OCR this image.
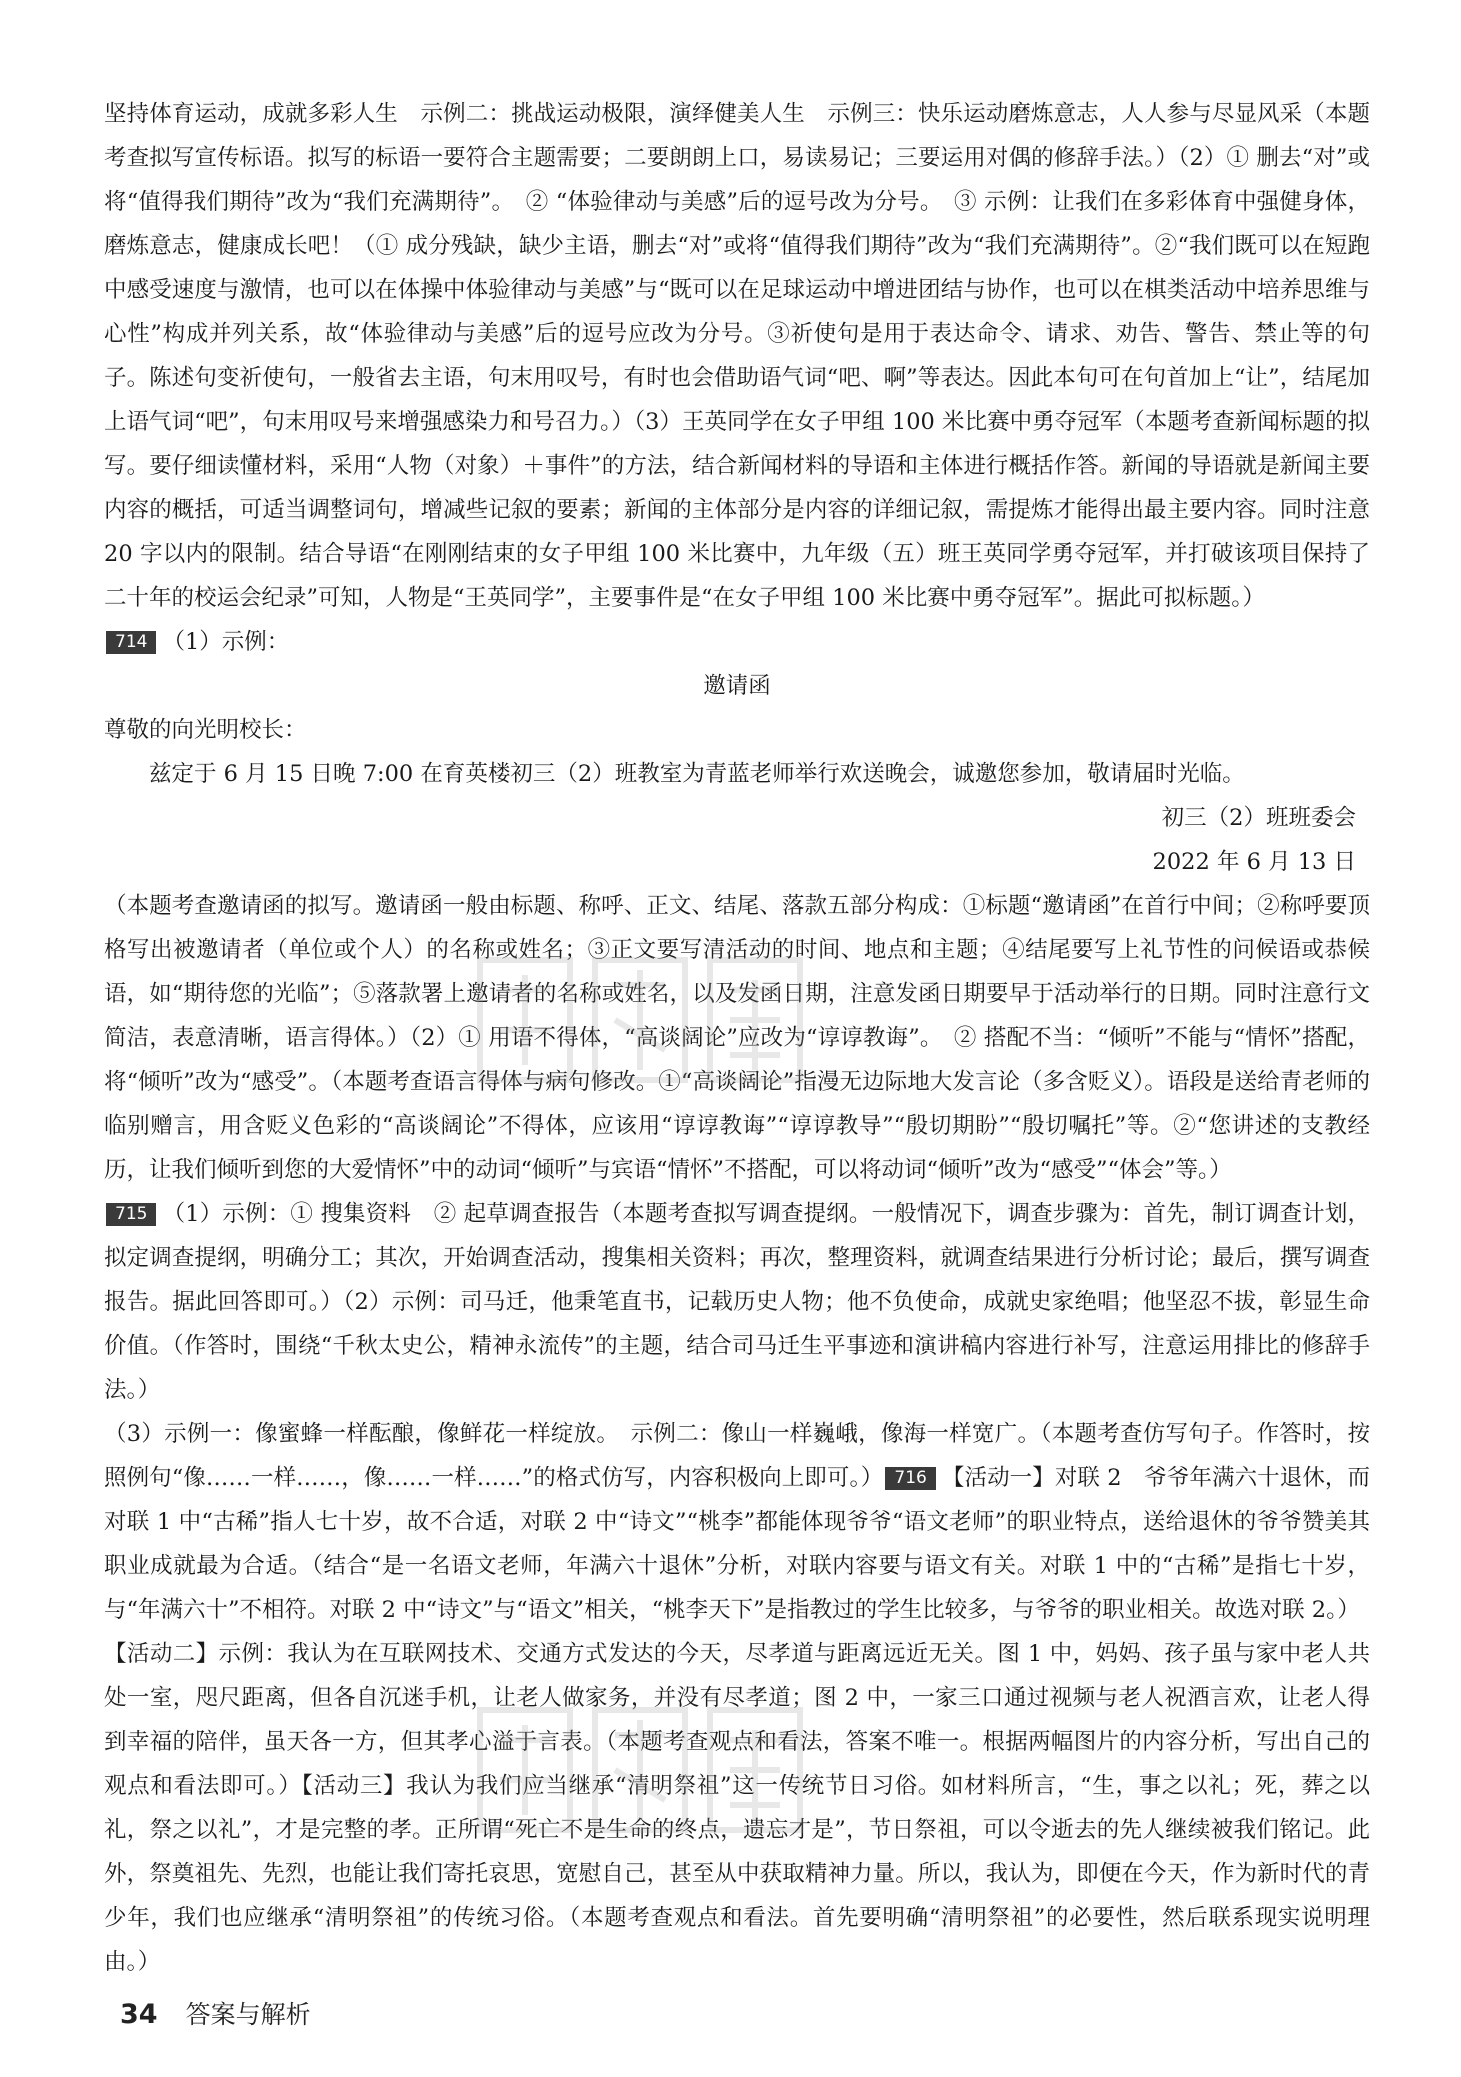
坚持体育运动，成就多彩人生　示例二：挑战运动极限，演绎健美人生　示例三：快乐运动磨炼意志，人人参与尽显风采（本题考查拟写宣传标语。拟写的标语一要符合主题需要；二要朗朗上口，易读易记；三要运用对偶的修辞手法。）（2）① 删去“对”或将“值得我们期待”改为“我们充满期待”。　② “体验律动与美感”后的逗号改为分号。　③ 示例：让我们在多彩体育中强健身体，磨炼意志，健康成长吧！（① 成分残缺，缺少主语，删去“对”或将“值得我们期待”改为“我们充满期待”。②“我们既可以在短跑中感受速度与激情，也可以在体操中体验律动与美感”与“既可以在足球运动中增进团结与协作，也可以在棋类活动中培养思维与心性”构成并列关系，故“体验律动与美感”后的逗号应改为分号。③祈使句是用于表达命令、请求、劝告、警告、禁止等的句子。陈述句变祈使句，一般省去主语，句末用叹号，有时也会借助语气词“吧、啊”等表达。因此本句可在句首加上“让”，结尾加上语气词“吧”，句末用叹号来增强感染力和号召力。）（3）王英同学在女子甲组 100 米比赛中勇夺冠军（本题考查新闻标题的拟写。要仔细读懂材料，采用“人物（对象）＋事件”的方法，结合新闻材料的导语和主体进行概括作答。新闻的导语就是新闻主要内容的概括，可适当调整词句，增减些记叙的要素；新闻的主体部分是内容的详细记叙，需提炼才能得出最主要内容。同时注意 20 字以内的限制。结合导语“在刚刚结束的女子甲组 100 米比赛中，九年级（五）班王英同学勇夺冠军，并打破该项目保持了二十年的校运会纪录”可知，人物是“王英同学”，主要事件是“在女子甲组 100 米比赛中勇夺冠军”。据此可拟标题。）

714 （1）示例：

邀请函

尊敬的向光明校长：

兹定于 6 月 15 日晚 7:00 在育英楼初三（2）班教室为青蓝老师举行欢送晚会，诚邀您参加，敬请届时光临。

初三（2）班班委会

2022 年 6 月 13 日

（本题考查邀请函的拟写。邀请函一般由标题、称呼、正文、结尾、落款五部分构成：①标题“邀请函”在首行中间；②称呼要顶格写出被邀请者（单位或个人）的名称或姓名；③正文要写清活动的时间、地点和主题；④结尾要写上礼节性的问候语或恭候语，如“期待您的光临”；⑤落款署上邀请者的名称或姓名，以及发函日期，注意发函日期要早于活动举行的日期。同时注意行文简洁，表意清晰，语言得体。）（2）① 用语不得体，“高谈阔论”应改为“谆谆教诲”。　② 搭配不当：“倾听”不能与“情怀”搭配，将“倾听”改为“感受”。（本题考查语言得体与病句修改。①“高谈阔论”指漫无边际地大发言论（多含贬义）。语段是送给青老师的临别赠言，用含贬义色彩的“高谈阔论”不得体，应该用“谆谆教诲”“谆谆教导”“殷切期盼”“殷切嘱托”等。②“您讲述的支教经历，让我们倾听到您的大爱情怀”中的动词“倾听”与宾语“情怀”不搭配，可以将动词“倾听”改为“感受”“体会”等。）

715 （1）示例：① 搜集资料　② 起草调查报告（本题考查拟写调查提纲。一般情况下，调查步骤为：首先，制订调查计划，拟定调查提纲，明确分工；其次，开始调查活动，搜集相关资料；再次，整理资料，就调查结果进行分析讨论；最后，撰写调查报告。据此回答即可。）（2）示例：司马迁，他秉笔直书，记载历史人物；他不负使命，成就史家绝唱；他坚忍不拔，彰显生命价值。（作答时，围绕“千秋太史公，精神永流传”的主题，结合司马迁生平事迹和演讲稿内容进行补写，注意运用排比的修辞手法。）

（3）示例一：像蜜蜂一样酝酿，像鲜花一样绽放。　示例二：像山一样巍峨，像海一样宽广。（本题考查仿写句子。作答时，按照例句“像……一样……，像……一样……”的格式仿写，内容积极向上即可。） 716 【活动一】对联 2　爷爷年满六十退休，而对联 1 中“古稀”指人七十岁，故不合适，对联 2 中“诗文”“桃李”都能体现爷爷“语文老师”的职业特点，送给退休的爷爷赞美其职业成就最为合适。（结合“是一名语文老师，年满六十退休”分析，对联内容要与语文有关。对联 1 中的“古稀”是指七十岁，与“年满六十”不相符。对联 2 中“诗文”与“语文”相关，“桃李天下”是指教过的学生比较多，与爷爷的职业相关。故选对联 2。）

【活动二】示例：我认为在互联网技术、交通方式发达的今天，尽孝道与距离远近无关。图 1 中，妈妈、孩子虽与家中老人共处一室，咫尺距离，但各自沉迷手机，让老人做家务，并没有尽孝道；图 2 中，一家三口通过视频与老人祝酒言欢，让老人得到幸福的陪伴，虽天各一方，但其孝心溢于言表。（本题考查观点和看法，答案不唯一。根据两幅图片的内容分析，写出自己的观点和看法即可。）【活动三】我认为我们应当继承“清明祭祖”这一传统节日习俗。如材料所言，“生，事之以礼；死，葬之以礼，祭之以礼”，才是完整的孝。正所谓“死亡不是生命的终点，遗忘才是”，节日祭祖，可以令逝去的先人继续被我们铭记。此外，祭奠祖先、先烈，也能让我们寄托哀思，宽慰自己，甚至从中获取精神力量。所以，我认为，即便在今天，作为新时代的青少年，我们也应继承“清明祭祖”的传统习俗。（本题考查观点和看法。首先要明确“清明祭祖”的必要性，然后联系现实说明理由。）

34 答案与解析
